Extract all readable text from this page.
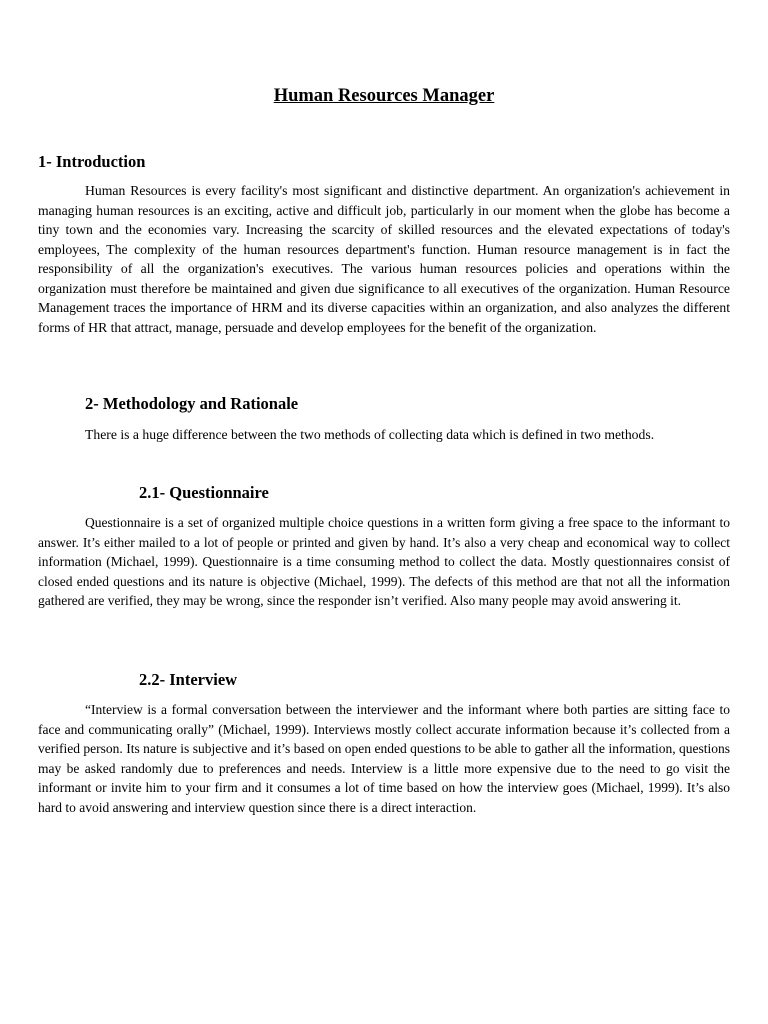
Human Resources Manager
1- Introduction

Human Resources is every facility's most significant and distinctive department. An organization's achievement in managing human resources is an exciting, active and difficult job, particularly in our moment when the globe has become a tiny town and the economies vary. Increasing the scarcity of skilled resources and the elevated expectations of today's employees, The complexity of the human resources department's function. Human resource management is in fact the responsibility of all the organization's executives. The various human resources policies and operations within the organization must therefore be maintained and given due significance to all executives of the organization. Human Resource Management traces the importance of HRM and its diverse capacities within an organization, and also analyzes the different forms of HR that attract, manage, persuade and develop employees for the benefit of the organization.

2- Methodology and Rationale

There is a huge difference between the two methods of collecting data which is defined in two methods.

2.1- Questionnaire

Questionnaire is a set of organized multiple choice questions in a written form giving a free space to the informant to answer. It’s either mailed to a lot of people or printed and given by hand. It’s also a very cheap and economical way to collect information (Michael, 1999). Questionnaire is a time consuming method to collect the data. Mostly questionnaires consist of closed ended questions and its nature is objective (Michael, 1999). The defects of this method are that not all the information gathered are verified, they may be wrong, since the responder isn’t verified. Also many people may avoid answering it.

2.2- Interview

“Interview is a formal conversation between the interviewer and the informant where both parties are sitting face to face and communicating orally” (Michael, 1999). Interviews mostly collect accurate information because it’s collected from a verified person. Its nature is subjective and it’s based on open ended questions to be able to gather all the information, questions may be asked randomly due to preferences and needs. Interview is a little more expensive due to the need to go visit the informant or invite him to your firm and it consumes a lot of time based on how the interview goes (Michael, 1999). It’s also hard to avoid answering and interview question since there is a direct interaction.
